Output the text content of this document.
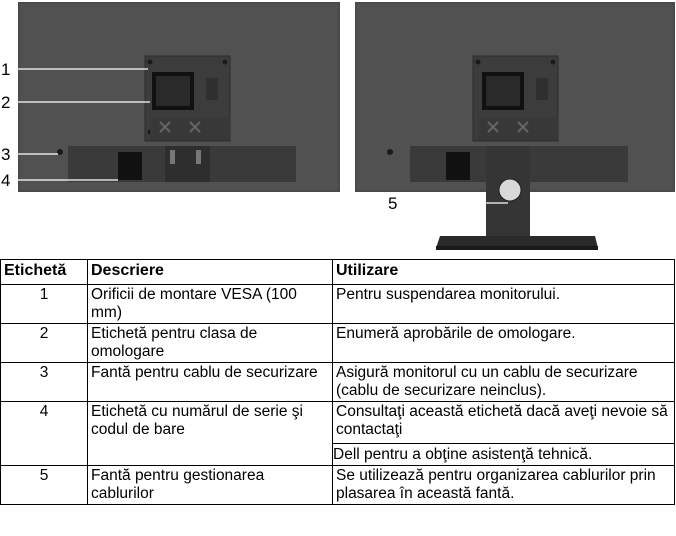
1
2
3
4
5
Etichetă	Descriere	Utilizare
1	Orificii de montare VESA (100 mm)	Pentru suspendarea monitorului.

2	Etichetă pentru clasa de omologare	Enumeră aprobările de omologare.

3	Fantă pentru cablu de securizare	Asigură monitorul cu un cablu de securizare (cablu de securizare neinclus).

4	Etichetă cu numărul de serie şi codul de bare	Consultaţi această etichetă dacă aveţi nevoie să contactaţi
Dell pentru a obţine asistenţă tehnică.

5	Fantă pentru gestionarea cablurilor	Se utilizează pentru organizarea cablurilor prin plasarea în această fantă.
